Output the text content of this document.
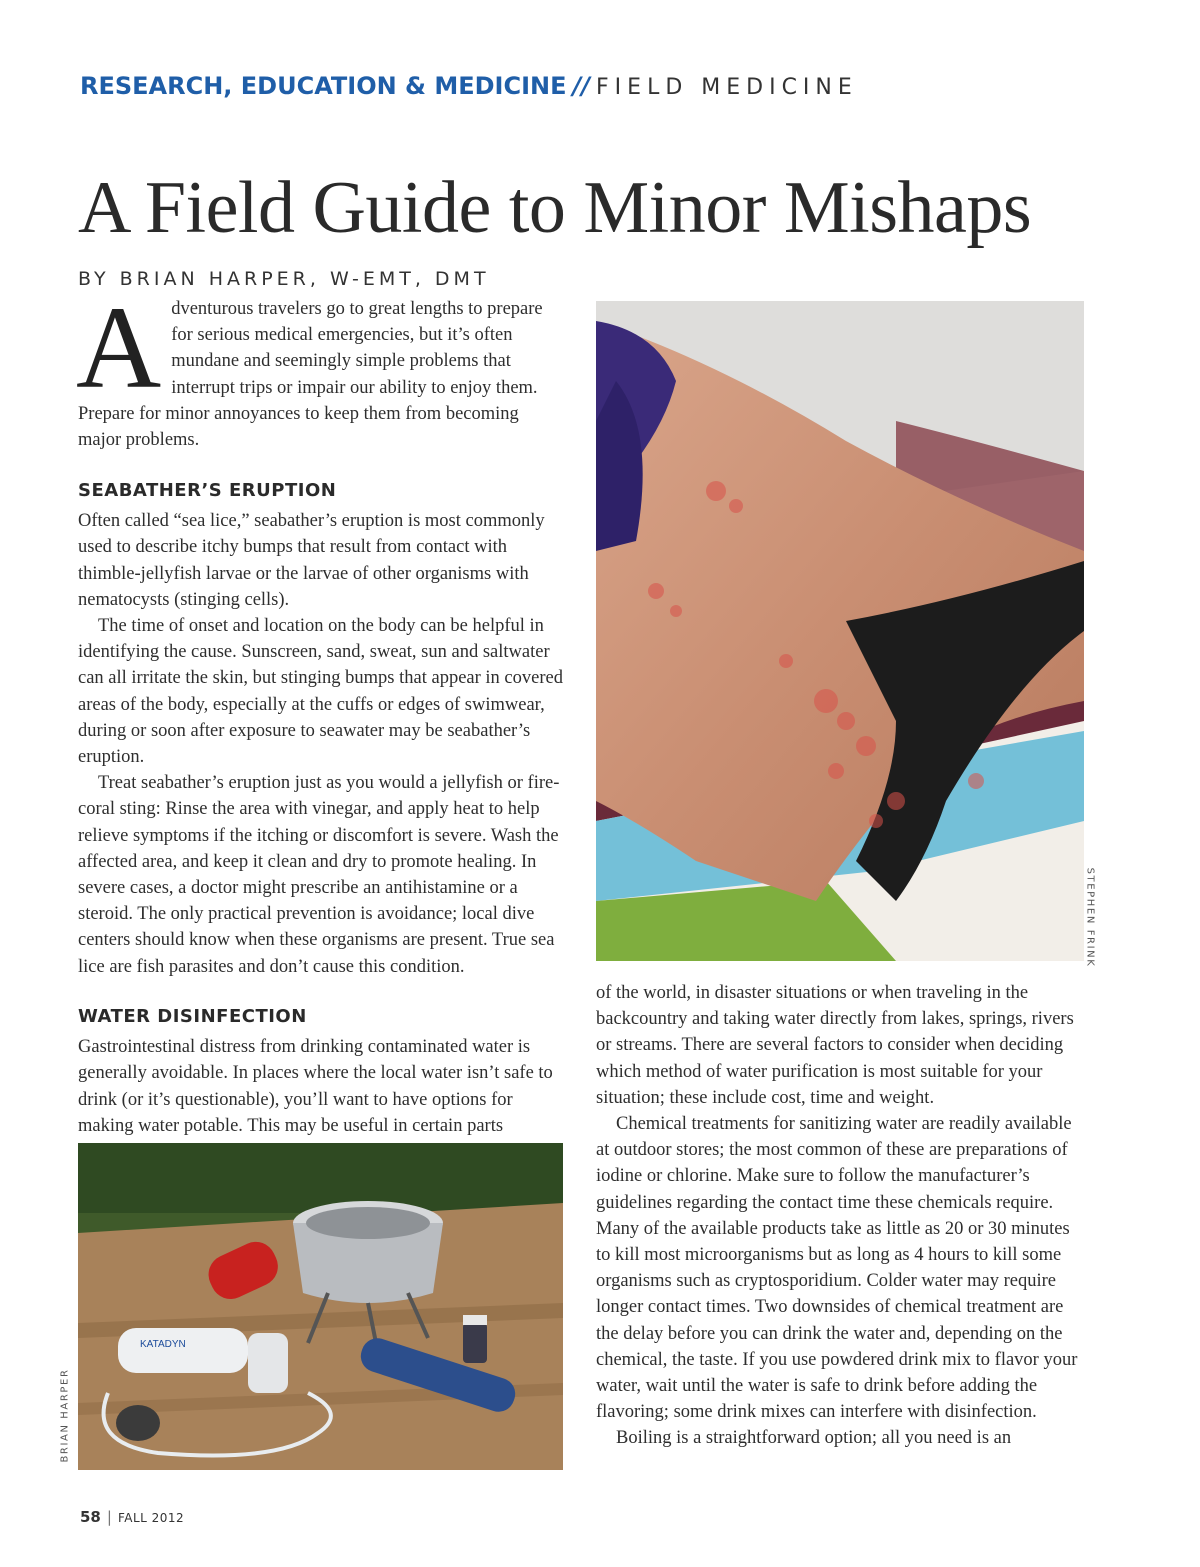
RESEARCH, EDUCATION & MEDICINE // FIELD MEDICINE
A Field Guide to Minor Mishaps
BY BRIAN HARPER, W-EMT, DMT

Adventurous travelers go to great lengths to prepare for serious medical emergencies, but it’s often mundane and seemingly simple problems that interrupt trips or impair our ability to enjoy them. Prepare for minor annoyances to keep them from becoming major problems.

SEABATHER’S ERUPTION

Often called “sea lice,” seabather’s eruption is most commonly used to describe itchy bumps that result from contact with thimble-jellyfish larvae or the larvae of other organisms with nematocysts (stinging cells).

The time of onset and location on the body can be helpful in identifying the cause. Sunscreen, sand, sweat, sun and saltwater can all irritate the skin, but stinging bumps that appear in covered areas of the body, especially at the cuffs or edges of swimwear, during or soon after exposure to seawater may be seabather’s eruption.

Treat seabather’s eruption just as you would a jellyfish or fire-coral sting: Rinse the area with vinegar, and apply heat to help relieve symptoms if the itching or discomfort is severe. Wash the affected area, and keep it clean and dry to promote healing. In severe cases, a doctor might prescribe an antihistamine or a steroid. The only practical prevention is avoidance; local dive centers should know when these organisms are present. True sea lice are fish parasites and don’t cause this condition.

WATER DISINFECTION

Gastrointestinal distress from drinking contaminated water is generally avoidable. In places where the local water isn’t safe to drink (or it’s questionable), you’ll want to have options for making water potable. This may be useful in certain parts

of the world, in disaster situations or when traveling in the backcountry and taking water directly from lakes, springs, rivers or streams. There are several factors to consider when deciding which method of water purification is most suitable for your situation; these include cost, time and weight.

Chemical treatments for sanitizing water are readily available at outdoor stores; the most common of these are preparations of iodine or chlorine. Make sure to follow the manufacturer’s guidelines regarding the contact time these chemicals require. Many of the available products take as little as 20 or 30 minutes to kill most microorganisms but as long as 4 hours to kill some organisms such as cryptosporidium. Colder water may require longer contact times. Two downsides of chemical treatment are the delay before you can drink the water and, depending on the chemical, the taste. If you use powdered drink mix to flavor your water, wait until the water is safe to drink before adding the flavoring; some drink mixes can interfere with disinfection.

Boiling is a straightforward option; all you need is an

STEPHEN FRINK
KATADYN
BRIAN HARPER
58 | FALL 2012
